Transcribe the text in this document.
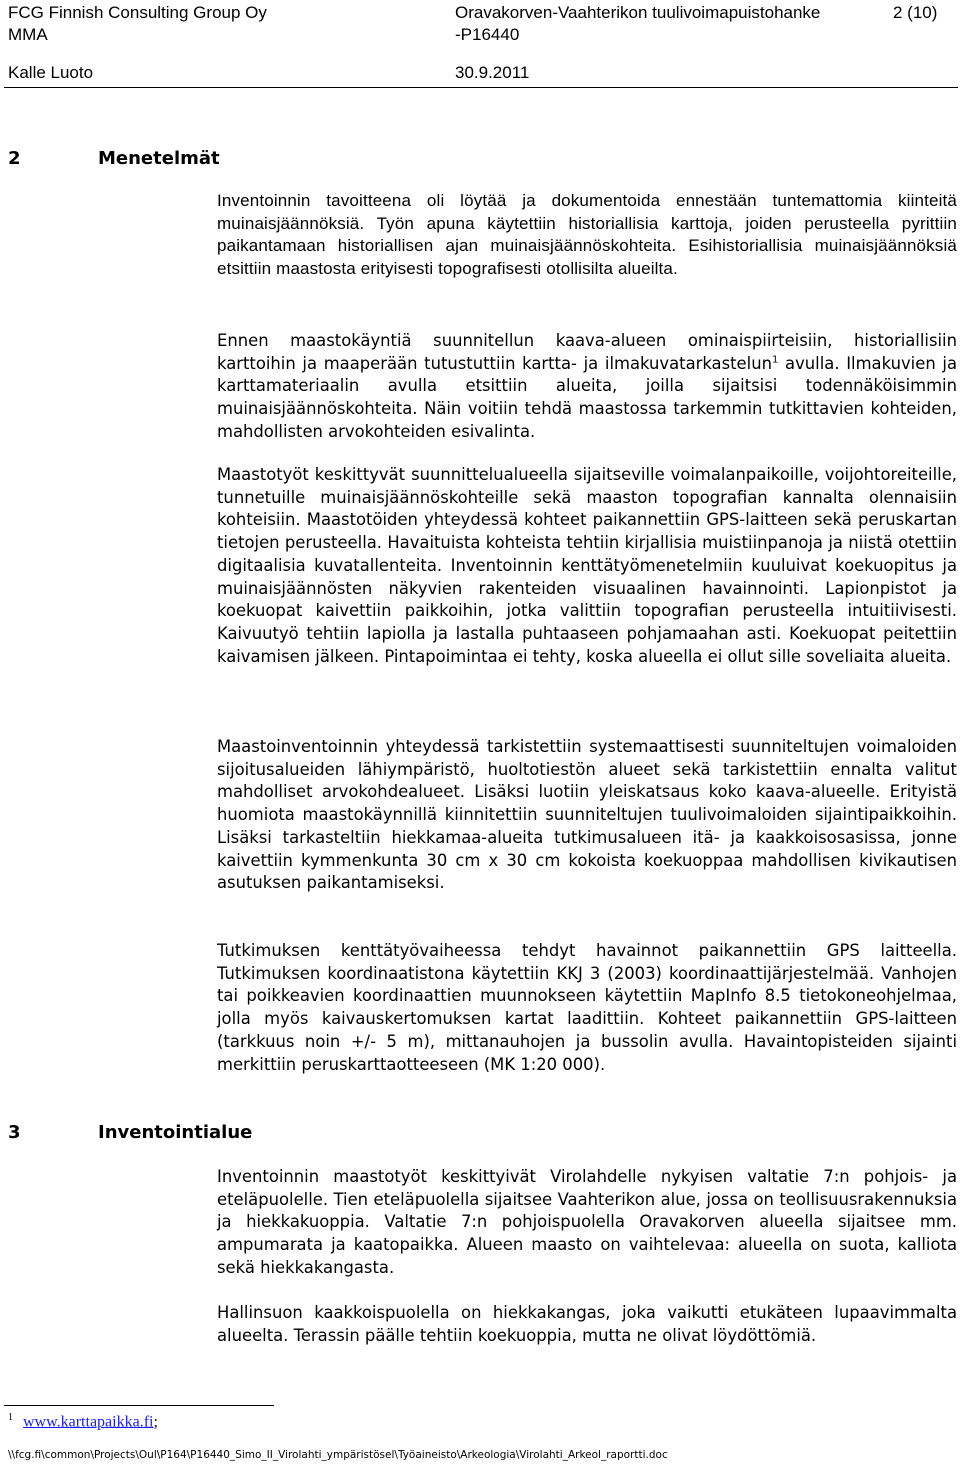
FCG Finnish Consulting Group Oy
MMA
Oravakorven-Vaahterikon tuulivoimapuistohanke
-P16440
2 (10)
Kalle Luoto	30.9.2011
2	Menetelmät

Inventoinnin tavoitteena oli löytää ja dokumentoida ennestään tuntemattomia kiinteitä muinaisjäännöksiä. Työn apuna käytettiin historiallisia karttoja, joiden perusteella pyrittiin paikantamaan historiallisen ajan muinaisjäännöskohteita. Esihistoriallisia muinaisjäännöksiä etsittiin maastosta erityisesti topografisesti otollisilta alueilta.

Ennen maastokäyntiä suunnitellun kaava-alueen ominaispiirteisiin, historiallisiin karttoihin ja maaperään tutustuttiin kartta- ja ilmakuvatarkastelun$^1$ avulla. Ilmakuvien ja karttamateriaalin avulla etsittiin alueita, joilla sijaitsisi todennäköisimmin muinaisjäännöskohteita. Näin voitiin tehdä maastossa tarkemmin tutkittavien kohteiden, mahdollisten arvokohteiden esivalinta.

Maastotyöt keskittyvät suunnittelualueella sijaitseville voimalanpaikoille, voijohtoreiteille, tunnetuille muinaisjäännöskohteille sekä maaston topografian kannalta olennaisiin kohteisiin. Maastotöiden yhteydessä kohteet paikannettiin GPS-laitteen sekä peruskartan tietojen perusteella. Havaituista kohteista tehtiin kirjallisia muistiinpanoja ja niistä otettiin digitaalisia kuvatallenteita. Inventoinnin kenttätyömenetelmiin kuuluivat koekuopitus ja muinaisjäännösten näkyvien rakenteiden visuaalinen havainnointi. Lapionpistot ja koekuopat kaivettiin paikkoihin, jotka valittiin topografian perusteella intuitiivisesti. Kaivuutyö tehtiin lapiolla ja lastalla puhtaaseen pohjamaahan asti. Koekuopat peitettiin kaivamisen jälkeen. Pintapoimintaa ei tehty, koska alueella ei ollut sille soveliaita alueita.

Maastoinventoinnin yhteydessä tarkistettiin systemaattisesti suunniteltujen voimaloiden sijoitusalueiden lähiympäristö, huoltotiestön alueet sekä tarkistettiin ennalta valitut mahdolliset arvokohdealueet. Lisäksi luotiin yleiskatsaus koko kaava-alueelle. Erityistä huomiota maastokäynnillä kiinnitettiin suunniteltujen tuulivoimaloiden sijaintipaikkoihin. Lisäksi tarkasteltiin hiekkamaa-alueita tutkimusalueen itä- ja kaakkoisosasissa, jonne kaivettiin kymmenkunta 30 cm x 30 cm kokoista koekuoppaa mahdollisen kivikautisen asutuksen paikantamiseksi.

Tutkimuksen kenttätyövaiheessa tehdyt havainnot paikannettiin GPS laitteella. Tutkimuksen koordinaatistona käytettiin KKJ 3 (2003) koordinaattijärjestelmää. Vanhojen tai poikkeavien koordinaattien muunnokseen käytettiin MapInfo 8.5 tietokoneohjelmaa, jolla myös kaivauskertomuksen kartat laadittiin. Kohteet paikannettiin GPS-laitteen (tarkkuus noin +/- 5 m), mittanauhojen ja bussolin avulla. Havaintopisteiden sijainti merkittiin peruskarttaotteeseen (MK 1:20 000).

3	Inventointialue

Inventoinnin maastotyöt keskittyivät Virolahdelle nykyisen valtatie 7:n pohjois- ja eteläpuolelle. Tien eteläpuolella sijaitsee Vaahterikon alue, jossa on teollisuusrakennuksia ja hiekkakuoppia. Valtatie 7:n pohjoispuolella Oravakorven alueella sijaitsee mm. ampumarata ja kaatopaikka. Alueen maasto on vaihtelevaa: alueella on suota, kalliota sekä hiekkakangasta.

Hallinsuon kaakkoispuolella on hiekkakangas, joka vaikutti etukäteen lupaavimmalta alueelta. Terassin päälle tehtiin koekuoppia, mutta ne olivat löydöttömiä.

$^1$ www.karttapaikka.fi;
\\fcg.fi\common\Projects\Oul\P164\P16440_Simo_II_Virolahti_ympäristösel\Työaineisto\Arkeologia\Virolahti_Arkeol_raportti.doc
